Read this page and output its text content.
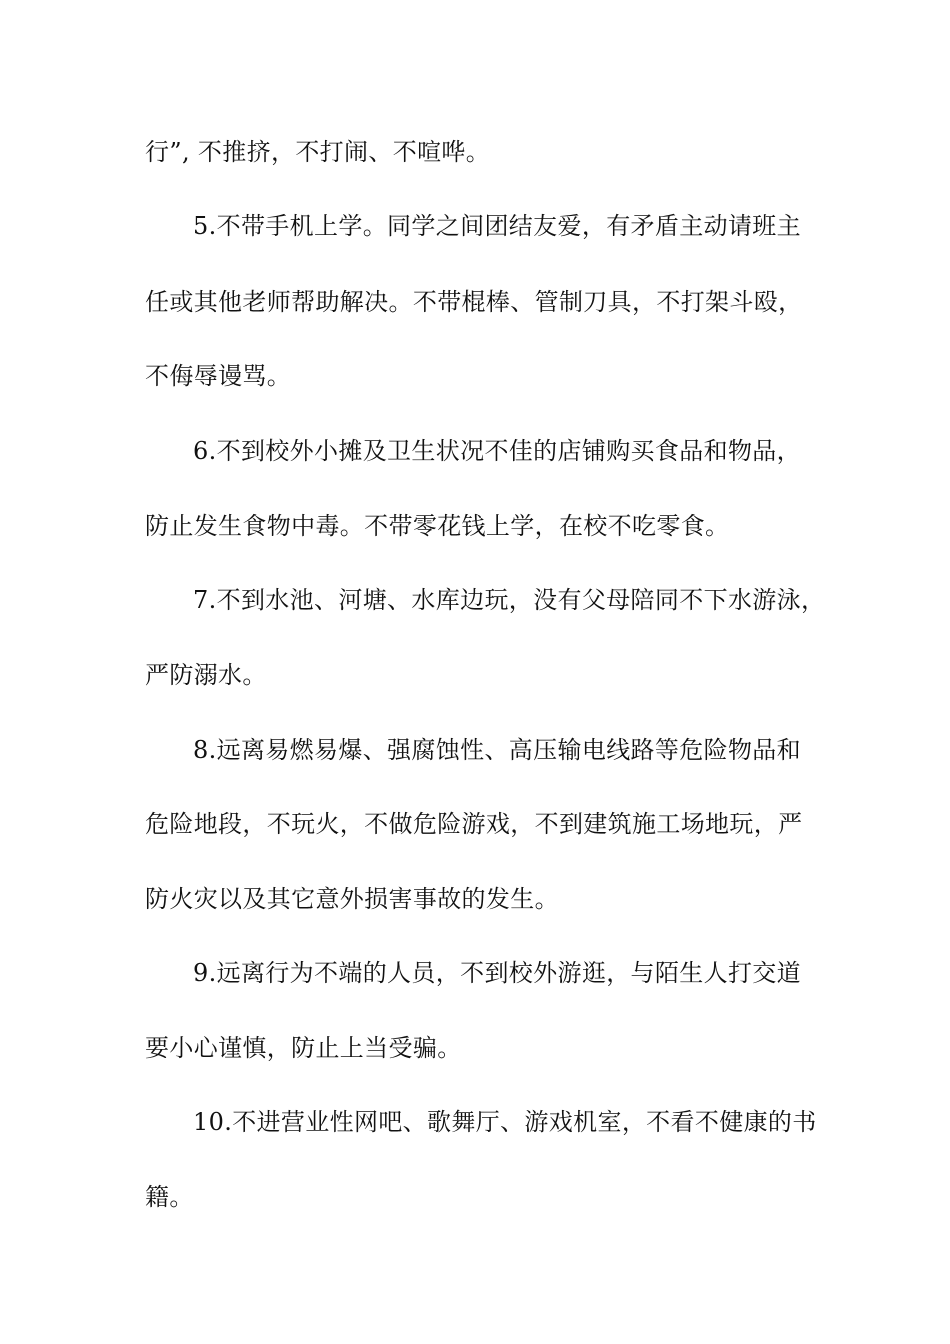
行”, 不推挤，不打闹、不喧哗。

5.不带手机上学。同学之间团结友爱，有矛盾主动请班主

任或其他老师帮助解决。不带棍棒、管制刀具，不打架斗殴，

不侮辱谩骂。

6.不到校外小摊及卫生状况不佳的店铺购买食品和物品，

防止发生食物中毒。不带零花钱上学，在校不吃零食。

7.不到水池、河塘、水库边玩，没有父母陪同不下水游泳，

严防溺水。

8.远离易燃易爆、强腐蚀性、高压输电线路等危险物品和

危险地段，不玩火，不做危险游戏，不到建筑施工场地玩，严

防火灾以及其它意外损害事故的发生。

9.远离行为不端的人员，不到校外游逛，与陌生人打交道

要小心谨慎，防止上当受骗。

10.不进营业性网吧、歌舞厅、游戏机室，不看不健康的书

籍。
